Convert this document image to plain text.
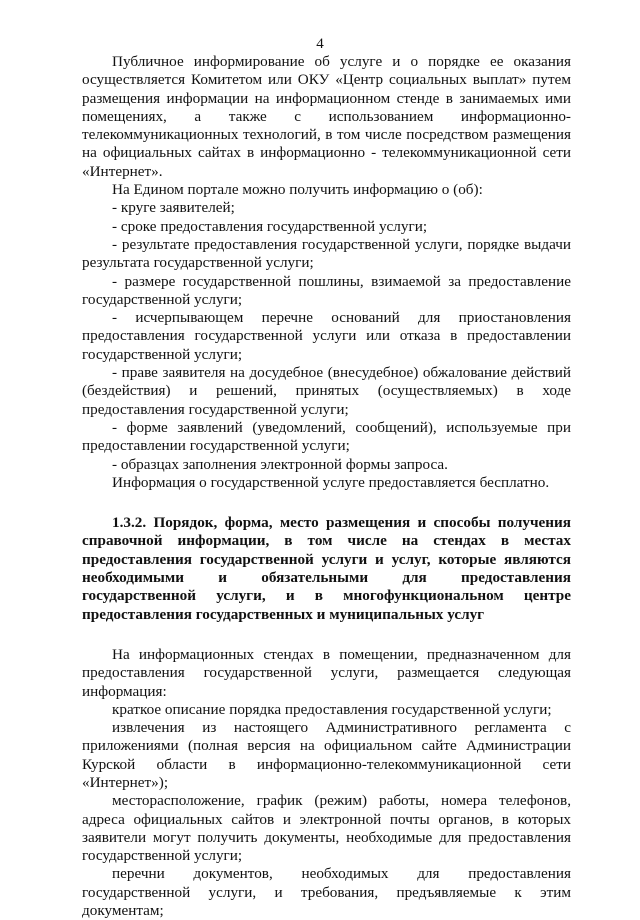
4
Публичное информирование об услуге и о порядке ее оказания
осуществляется Комитетом или ОКУ «Центр социальных выплат» путем
размещения информации на информационном стенде в занимаемых ими
помещениях, а также с использованием информационно-
телекоммуникационных технологий, в том числе посредством размещения
на официальных сайтах в информационно - телекоммуникационной сети
«Интернет».
На Едином портале можно получить информацию о (об):
- круге заявителей;
- сроке предоставления государственной услуги;
- результате предоставления государственной услуги, порядке выдачи
результата государственной услуги;
- размере государственной пошлины, взимаемой за предоставление
государственной услуги;
- исчерпывающем перечне оснований для приостановления
предоставления государственной услуги или отказа в предоставлении
государственной услуги;
- праве заявителя на досудебное (внесудебное) обжалование действий
(бездействия) и решений, принятых (осуществляемых) в ходе
предоставления государственной услуги;
- форме заявлений (уведомлений, сообщений), используемые при
предоставлении государственной услуги;
- образцах заполнения электронной формы запроса.
Информация о государственной услуге предоставляется бесплатно.
1.3.2. Порядок, форма, место размещения и способы получения
справочной информации, в том числе на стендах в местах
предоставления государственной услуги и услуг, которые являются
необходимыми и обязательными для предоставления
государственной услуги, и в многофункциональном центре
предоставления государственных и муниципальных услуг
На информационных стендах в помещении, предназначенном для
предоставления государственной услуги, размещается следующая
информация:
краткое описание порядка предоставления государственной услуги;
извлечения из настоящего Административного регламента с
приложениями (полная версия на официальном сайте Администрации
Курской области в информационно-телекоммуникационной сети
«Интернет»);
месторасположение, график (режим) работы, номера телефонов,
адреса официальных сайтов и электронной почты органов, в которых
заявители могут получить документы, необходимые для предоставления
государственной услуги;
перечни документов, необходимых для предоставления
государственной услуги, и требования, предъявляемые к этим
документам;
